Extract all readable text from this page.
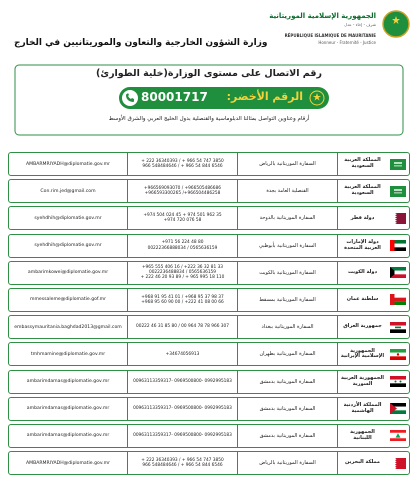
الجمهورية الإسلامية الموريتانية
شرف - إخاء - عدل
RÉPUBLIQUE ISLAMIQUE DE MAURITANIE
Honneur - Fraternité - Justice
وزارة الشؤون الخارجية والتعاون والموريتانيين في الخارج
رقم الاتصال على مستوى الوزارة(خلية الطوارئ)
80001717 الرقم الأخضر:
أرقام وعناوين التواصل بمثالنا الدبلوماسية والقنصلية بدول الخليج العربي والشرق الأوسط
المملكة العربية السعودية
السفارة الموريتانية بالرياض
+ 222 36340393 / + 966 54 747 3850
966 548484646 / + 966 54 844 6546
AMBARMRIYADH@diplomatie.gov.mr
المملكة العربية السعودية
القنصلية العامة بجدة
+966569093070 / +966505486686
+966593300265 /+966504486258
Con.rim.jed@gmail.com
دولة قطر
السفارة الموريتانية بالدوحة
+974 504 024 45 + 974 501 962 35
+974 720 076 58
syehdhih@diplomatie.gov.mr
دولة الإمارات العربية المتحدة
السفارة الموريتانية بأبوظبي
+971 56 224 48 80
00222366888034 / 0565636159
syehdhih@diplomatie.gov.mr
دولة الكويت
السفارة الموريتانية بالكويت
+965 555 406 16 / +222 36 32 81 33
0022236488834 / 0565636159
+ 222 46 20 93 89 / + 965 995 18 110
ambarimkowei@diplomatie.gov.mr
سلطنة عمان
السفارة الموريتانية بمسقط
+968 91 95 41 01 / +968 95 37 98 37
+968 95 60 90 00 / +222 41 08 00 66
mmessaleme@diplomatie.gof.mr
جمهورية العراق
السفارة الموريتانية ببغداد
00222 46 31 85 80 / 00 964 78 78 966 307
embassymauritania.baghdad2013@gmail.com
الجمهورية الإسلامية الإيرانية
السفارة الموريتانية بطهران
+34674056913
tmhmamine@diplomatie.gov.mr
الجمهورية العربية السورية
السفارة الموريتانية بدمشق
00963113359317- 0969500800- 0992995183
ambarimdamas@diplomatie.gov.mr
المملكة الأردنية الهاشمية
السفارة الموريتانية بدمشق
00963113359317- 0969500800- 0992995183
ambarimdamas@diplomatie.gov.mr
الجمهورية اللبنانية
السفارة الموريتانية بدمشق
00963113359317- 0969500800- 0992995183
ambarimdamas@diplomatie.gov.mr
مملكة البحرين
السفارة الموريتانية بالرياض
+ 222 36340393 / + 966 54 747 3850
966 548484646 / + 966 54 844 6546
AMBARMRIYADH@diplomatie.gov.mr
